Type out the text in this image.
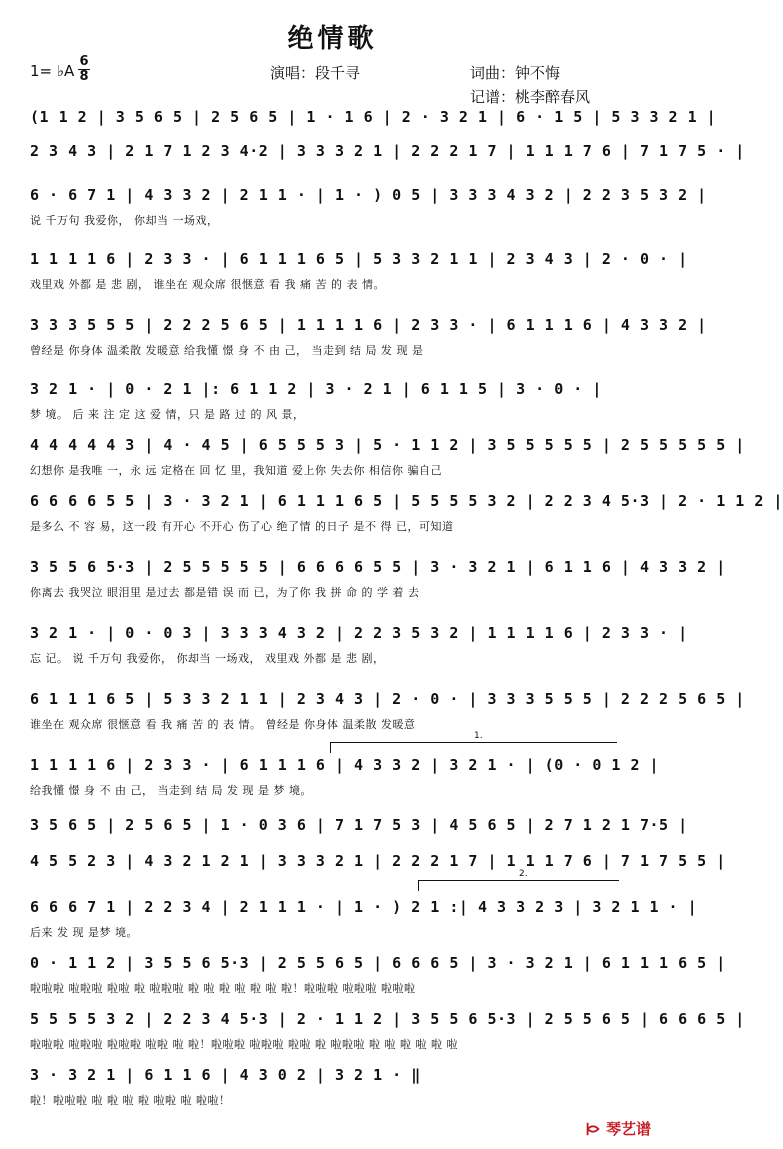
绝情歌
1= ♭A
6
8	演唱：段千寻	词曲：钟不悔
记谱：桃李醉春风
(1 1 2 | 3 5 6 5 | 2 5 6 5 | 1 · 1 6 | 2 · 3 2 1 | 6 · 1 5 | 5 3 3 2 1 |
2 3 4 3 | 2 1 7 1 2 3 4·2 | 3 3 3 2 1 | 2 2 2 1 7 | 1 1 1 7 6 | 7 1 7 5 · |
6 · 6 7 1 | 4 3 3 2 | 2 1 1 · | 1 · ) 0 5 | 3 3 3 4 3 2 | 2 2 3 5 3 2 |
说 千万句 我爱你， 你却当 一场戏，
1 1 1 1 6 | 2 3 3 · | 6 1 1 1 6 5 | 5 3 3 2 1 1 | 2 3 4 3 | 2 · 0 · |
戏里戏 外都 是 悲 剧， 谁坐在 观众席 很惬意 看 我 痛 苦 的 表 情。
3 3 3 5 5 5 | 2 2 2 5 6 5 | 1 1 1 1 6 | 2 3 3 · | 6 1 1 1 6 | 4 3 3 2 |
曾经是 你身体 温柔散 发暖意 给我懂 憬 身 不 由 己， 当走到 结 局 发 现 是
3 2 1 · | 0 · 2 1 |: 6 1 1 2 | 3 · 2 1 | 6 1 1 5 | 3 · 0 · |
梦 境。 后 来 注 定 这 爱 情，只 是 路 过 的 风 景，
4 4 4 4 4 3 | 4 · 4 5 | 6 5 5 5 3 | 5 · 1 1 2 | 3 5 5 5 5 5 | 2 5 5 5 5 5 |
幻想你 是我唯 一，永 远 定格在 回 忆 里，我知道 爱上你 失去你 相信你 骗自己
6 6 6 6 5 5 | 3 · 3 2 1 | 6 1 1 1 6 5 | 5 5 5 5 3 2 | 2 2 3 4 5·3 | 2 · 1 1 2 |
是多么 不 容 易，这一段 有开心 不开心 伤了心 绝了情 的日子 是不 得 已，可知道
3 5 5 6 5·3 | 2 5 5 5 5 5 | 6 6 6 6 5 5 | 3 · 3 2 1 | 6 1 1 6 | 4 3 3 2 |
你离去 我哭泣 眼泪里 是过去 都是错 误 而 已，为了你 我 拼 命 的 学 着 去
3 2 1 · | 0 · 0 3 | 3 3 3 4 3 2 | 2 2 3 5 3 2 | 1 1 1 1 6 | 2 3 3 · |
忘 记。 说 千万句 我爱你， 你却当 一场戏， 戏里戏 外都 是 悲 剧，
6 1 1 1 6 5 | 5 3 3 2 1 1 | 2 3 4 3 | 2 · 0 · | 3 3 3 5 5 5 | 2 2 2 5 6 5 |
谁坐在 观众席 很惬意 看 我 痛 苦 的 表 情。 曾经是 你身体 温柔散 发暖意
1 1 1 1 6 | 2 3 3 · | 6 1 1 1 6 | 4 3 3 2 | 3 2 1 · | (0 · 0 1 2 |
给我懂 憬 身 不 由 己， 当走到 结 局 发 现 是 梦 境。
3 5 6 5 | 2 5 6 5 | 1 · 0 3 6 | 7 1 7 5 3 | 4 5 6 5 | 2 7 1 2 1 7·5 |
4 5 5 2 3 | 4 3 2 1 2 1 | 3 3 3 2 1 | 2 2 2 1 7 | 1 1 1 7 6 | 7 1 7 5 5 |
6 6 6 7 1 | 2 2 3 4 | 2 1 1 1 · | 1 · ) 2 1 :| 4 3 3 2 3 | 3 2 1 1 · |
后来 发 现 是梦 境。
0 · 1 1 2 | 3 5 5 6 5·3 | 2 5 5 6 5 | 6 6 6 5 | 3 · 3 2 1 | 6 1 1 1 6 5 |
啦啦啦 啦啦啦 啦啦 啦 啦啦啦 啦 啦 啦 啦 啦 啦 啦！啦啦啦 啦啦啦 啦啦啦
5 5 5 5 3 2 | 2 2 3 4 5·3 | 2 · 1 1 2 | 3 5 5 6 5·3 | 2 5 5 6 5 | 6 6 6 5 |
啦啦啦 啦啦啦 啦啦啦 啦啦 啦 啦！啦啦啦 啦啦啦 啦啦 啦 啦啦啦 啦 啦 啦 啦 啦 啦
3 · 3 2 1 | 6 1 1 6 | 4 3 0 2 | 3 2 1 · ‖
啦！啦啦啦 啦 啦 啦 啦 啦啦 啦 啦啦！
1.
2.
琴艺谱
